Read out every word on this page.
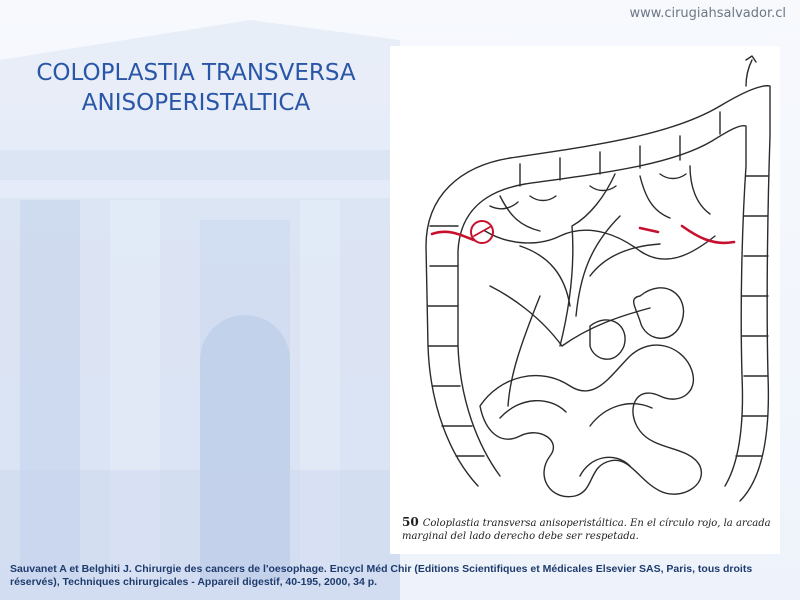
www.cirugiahsalvador.cl
COLOPLASTIA TRANSVERSA
ANISOPERISTALTICA
50 Coloplastia transversa anisoperistáltica. En el círculo rojo, la arcada marginal del lado derecho debe ser respetada.
Sauvanet A et Belghiti J. Chirurgie des cancers de l'oesophage. Encycl Méd Chir (Editions Scientifiques et Médicales Elsevier SAS, Paris, tous droits réservés), Techniques chirurgicales - Appareil digestif, 40-195, 2000, 34 p.
